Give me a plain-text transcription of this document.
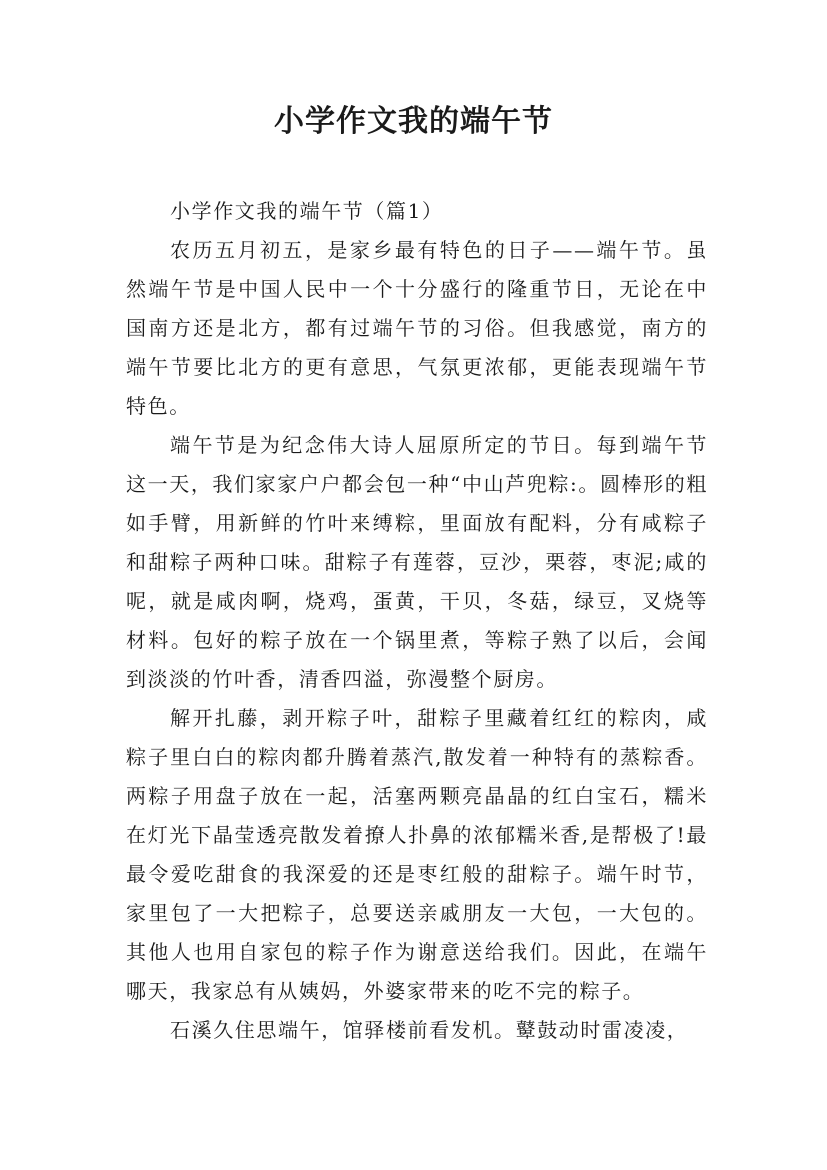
小学作文我的端午节

小学作文我的端午节（篇1）

农历五月初五，是家乡最有特色的日子——端午节。虽然端午节是中国人民中一个十分盛行的隆重节日，无论在中国南方还是北方，都有过端午节的习俗。但我感觉，南方的端午节要比北方的更有意思，气氛更浓郁，更能表现端午节特色。

端午节是为纪念伟大诗人屈原所定的节日。每到端午节这一天，我们家家户户都会包一种“中山芦兜粽:。圆棒形的粗如手臂，用新鲜的竹叶来缚粽，里面放有配料，分有咸粽子和甜粽子两种口味。甜粽子有莲蓉，豆沙，栗蓉，枣泥;咸的呢，就是咸肉啊，烧鸡，蛋黄，干贝，冬菇，绿豆，叉烧等材料。包好的粽子放在一个锅里煮，等粽子熟了以后，会闻到淡淡的竹叶香，清香四溢，弥漫整个厨房。

解开扎藤，剥开粽子叶，甜粽子里藏着红红的粽肉，咸粽子里白白的粽肉都升腾着蒸汽,散发着一种特有的蒸粽香。两粽子用盘子放在一起，活塞两颗亮晶晶的红白宝石，糯米在灯光下晶莹透亮散发着撩人扑鼻的浓郁糯米香,是帮极了!最最令爱吃甜食的我深爱的还是枣红般的甜粽子。端午时节，家里包了一大把粽子，总要送亲戚朋友一大包，一大包的。其他人也用自家包的粽子作为谢意送给我们。因此，在端午哪天，我家总有从姨妈，外婆家带来的吃不完的粽子。

石溪久住思端午，馆驿楼前看发机。鼙鼓动时雷凌凌，
